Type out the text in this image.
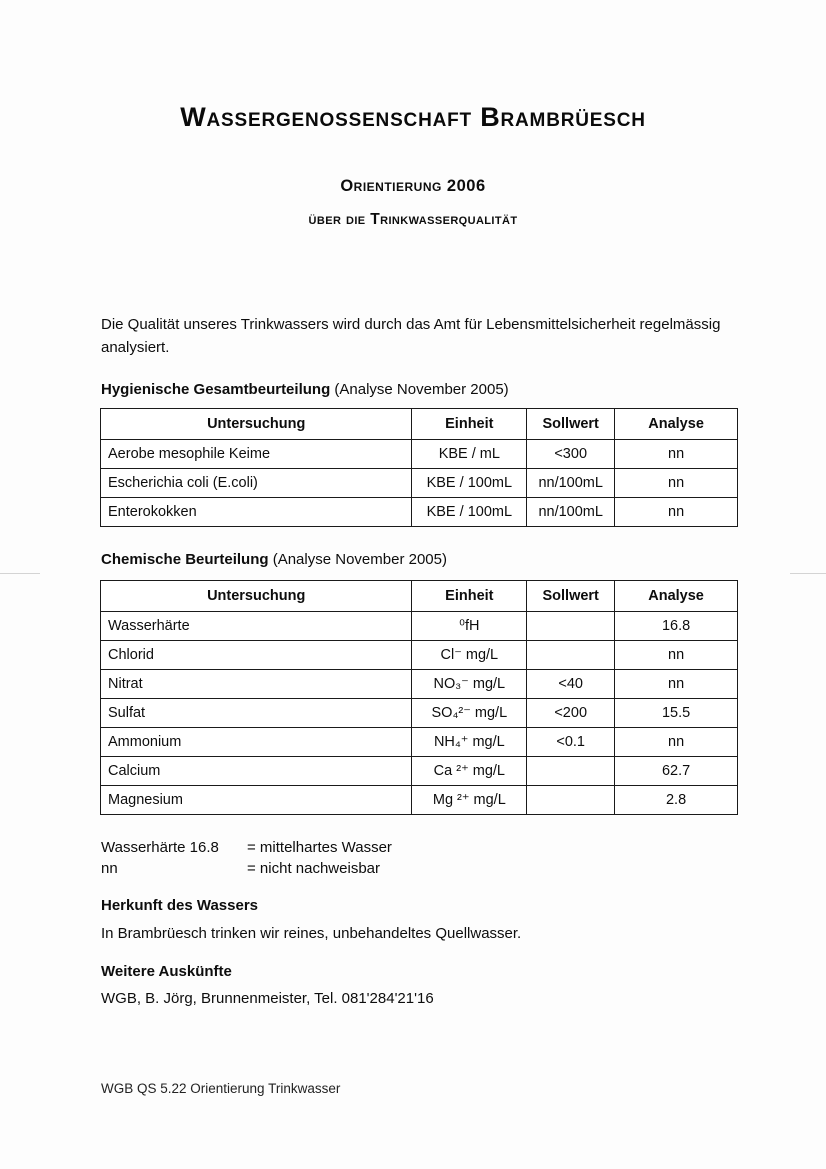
Wassergenossenschaft Brambrüesch
Orientierung 2006
über die Trinkwasserqualität

Die Qualität unseres Trinkwassers wird durch das Amt für Lebensmittelsicherheit regelmässig analysiert.

Hygienische Gesamtbeurteilung (Analyse November 2005)
Untersuchung	Einheit	Sollwert	Analyse
Aerobe mesophile Keime	KBE / mL	<300	nn
Escherichia coli (E.coli)	KBE / 100mL	nn/100mL	nn
Enterokokken	KBE / 100mL	nn/100mL	nn
Chemische Beurteilung (Analyse November 2005)
Untersuchung	Einheit	Sollwert	Analyse
Wasserhärte	⁰fH		16.8
Chlorid	Cl⁻ mg/L		nn
Nitrat	NO₃⁻ mg/L	<40	nn
Sulfat	SO₄²⁻ mg/L	<200	15.5
Ammonium	NH₄⁺ mg/L	<0.1	nn
Calcium	Ca ²⁺ mg/L		62.7
Magnesium	Mg ²⁺ mg/L		2.8
Wasserhärte 16.8	= mittelhartes Wasser
nn	= nicht nachweisbar
Herkunft des Wassers
In Brambrüesch trinken wir reines, unbehandeltes Quellwasser.
Weitere Auskünfte
WGB, B. Jörg, Brunnenmeister, Tel. 081'284'21'16
WGB QS 5.22 Orientierung Trinkwasser
